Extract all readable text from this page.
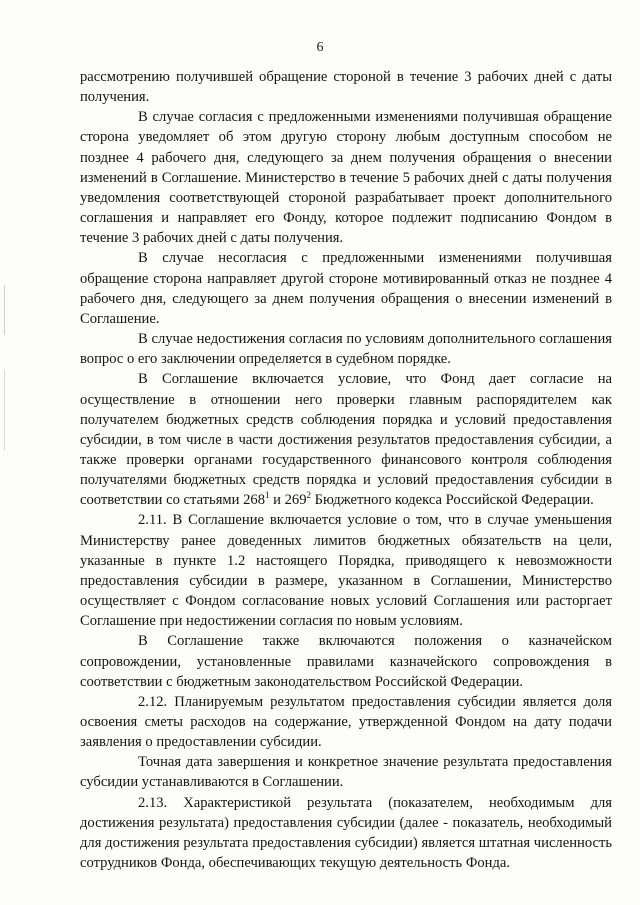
6

рассмотрению получившей обращение стороной в течение 3 рабочих дней с даты получения.

В случае согласия с предложенными изменениями получившая обращение сторона уведомляет об этом другую сторону любым доступным способом не позднее 4 рабочего дня, следующего за днем получения обращения о внесении изменений в Соглашение. Министерство в течение 5 рабочих дней с даты получения уведомления соответствующей стороной разрабатывает проект дополнительного соглашения и направляет его Фонду, которое подлежит подписанию Фондом в течение 3 рабочих дней с даты получения.

В случае несогласия с предложенными изменениями получившая обращение сторона направляет другой стороне мотивированный отказ не позднее 4 рабочего дня, следующего за днем получения обращения о внесении изменений в Соглашение.

В случае недостижения согласия по условиям дополнительного соглашения вопрос о его заключении определяется в судебном порядке.

В Соглашение включается условие, что Фонд дает согласие на осуществление в отношении него проверки главным распорядителем как получателем бюджетных средств соблюдения порядка и условий предоставления субсидии, в том числе в части достижения результатов предоставления субсидии, а также проверки органами государственного финансового контроля соблюдения получателями бюджетных средств порядка и условий предоставления субсидии в соответствии со статьями $268^1$ и $269^2$ Бюджетного кодекса Российской Федерации.

2.11. В Соглашение включается условие о том, что в случае уменьшения Министерству ранее доведенных лимитов бюджетных обязательств на цели, указанные в пункте 1.2 настоящего Порядка, приводящего к невозможности предоставления субсидии в размере, указанном в Соглашении, Министерство осуществляет с Фондом согласование новых условий Соглашения или расторгает Соглашение при недостижении согласия по новым условиям.

В Соглашение также включаются положения о казначейском сопровождении, установленные правилами казначейского сопровождения в соответствии с бюджетным законодательством Российской Федерации.

2.12. Планируемым результатом предоставления субсидии является доля освоения сметы расходов на содержание, утвержденной Фондом на дату подачи заявления о предоставлении субсидии.

Точная дата завершения и конкретное значение результата предоставления субсидии устанавливаются в Соглашении.

2.13. Характеристикой результата (показателем, необходимым для достижения результата) предоставления субсидии (далее - показатель, необходимый для достижения результата предоставления субсидии) является штатная численность сотрудников Фонда, обеспечивающих текущую деятельность Фонда.
